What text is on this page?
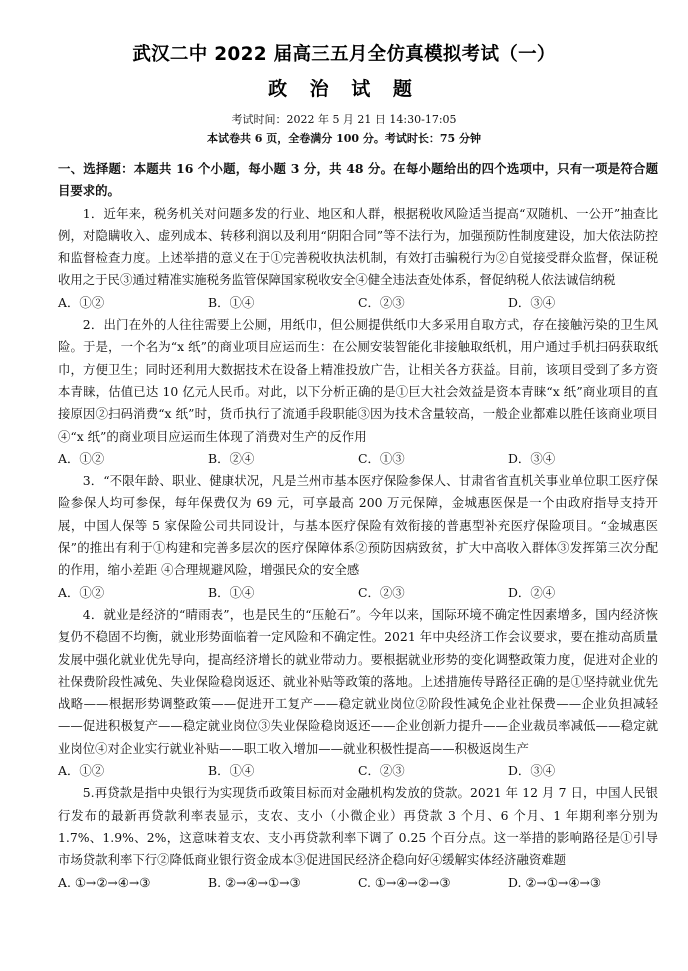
武汉二中 2022 届高三五月全仿真模拟考试（一）
政 治 试 题
考试时间：2022 年 5 月 21 日 14:30-17:05
本试卷共 6 页，全卷满分 100 分。考试时长：75 分钟

一、选择题：本题共 16 个小题，每小题 3 分，共 48 分。在每小题给出的四个选项中，只有一项是符合题目要求的。

1．近年来，税务机关对问题多发的行业、地区和人群，根据税收风险适当提高“双随机、一公开”抽查比例，对隐瞒收入、虚列成本、转移利润以及利用“阴阳合同”等不法行为，加强预防性制度建设，加大依法防控和监督检查力度。上述举措的意义在于①完善税收执法机制，有效打击骗税行为②自觉接受群众监督，保证税收用之于民③通过精准实施税务监管保障国家税收安全④健全违法查处体系，督促纳税人依法诚信纳税

A．①②	B．①④	C．②③	D．③④

2．出门在外的人往往需要上公厕，用纸巾，但公厕提供纸巾大多采用自取方式，存在接触污染的卫生风险。于是，一个名为“x 纸”的商业项目应运而生：在公厕安装智能化非接触取纸机，用户通过手机扫码获取纸巾，方便卫生；同时还利用大数据技术在设备上精准投放广告，让相关各方获益。目前，该项目受到了多方资本青睐，估值已达 10 亿元人民币。对此，以下分析正确的是①巨大社会效益是资本青睐“x 纸”商业项目的直接原因②扫码消费“x 纸”时，货币执行了流通手段职能③因为技术含量较高，一般企业都难以胜任该商业项目④“x 纸”的商业项目应运而生体现了消费对生产的反作用

A．①②	B．②④	C．①③	D．③④

3．“不限年龄、职业、健康状况，凡是兰州市基本医疗保险参保人、甘肃省省直机关事业单位职工医疗保险参保人均可参保，每年保费仅为 69 元，可享最高 200 万元保障，金城惠医保是一个由政府指导支持开展，中国人保等 5 家保险公司共同设计，与基本医疗保险有效衔接的普惠型补充医疗保险项目。“金城惠医保”的推出有利于①构建和完善多层次的医疗保障体系②预防因病致贫，扩大中高收入群体③发挥第三次分配的作用，缩小差距 ④合理规避风险，增强民众的安全感

A．①②	B．①④	C．②③	D．②④

4．就业是经济的“晴雨表”，也是民生的“压舱石”。今年以来，国际环境不确定性因素增多，国内经济恢复仍不稳固不均衡，就业形势面临着一定风险和不确定性。2021 年中央经济工作会议要求，要在推动高质量发展中强化就业优先导向，提高经济增长的就业带动力。要根据就业形势的变化调整政策力度，促进对企业的社保费阶段性减免、失业保险稳岗返还、就业补贴等政策的落地。上述措施传导路径正确的是①坚持就业优先战略——根据形势调整政策——促进开工复产——稳定就业岗位②阶段性减免企业社保费——企业负担减轻——促进积极复产——稳定就业岗位③失业保险稳岗返还——企业创新力提升——企业裁员率减低——稳定就业岗位④对企业实行就业补贴——职工收入增加——就业积极性提高——积极返岗生产

A．①②	B．①④	C．②③	D．③④

5.再贷款是指中央银行为实现货币政策目标而对金融机构发放的贷款。2021 年 12 月 7 日，中国人民银行发布的最新再贷款利率表显示，支农、支小（小微企业）再贷款 3 个月、6 个月、1 年期利率分别为 1.7%、1.9%、2%，这意味着支农、支小再贷款利率下调了 0.25 个百分点。这一举措的影响路径是①引导市场贷款利率下行②降低商业银行资金成本③促进国民经济企稳向好④缓解实体经济融资难题

A. ①→②→④→③	B. ②→④→①→③	C. ①→④→②→③	D. ②→①→④→③
